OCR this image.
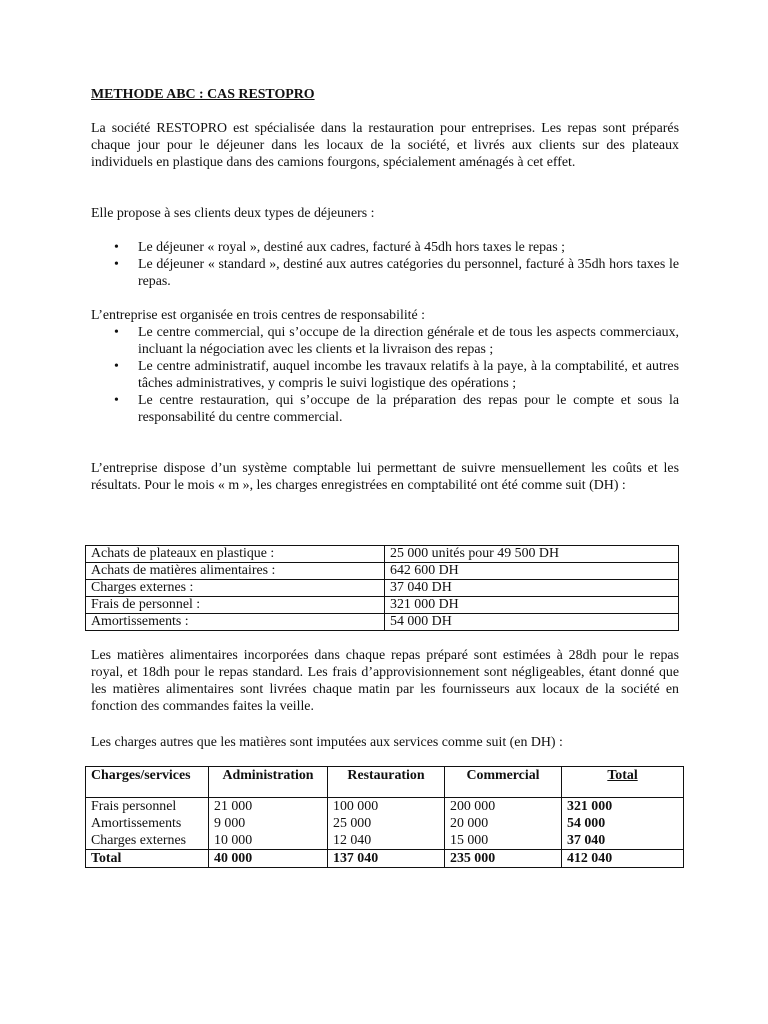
METHODE ABC : CAS RESTOPRO
La société RESTOPRO est spécialisée dans la restauration pour entreprises. Les repas sont préparés chaque jour pour le déjeuner dans les locaux de la société, et livrés aux clients sur des plateaux individuels en plastique dans des camions fourgons, spécialement aménagés à cet effet.
Elle propose à ses clients deux types de déjeuners :
• Le déjeuner « royal », destiné aux cadres, facturé à 45dh hors taxes le repas ;
• Le déjeuner « standard », destiné aux autres catégories du personnel, facturé à 35dh hors taxes le repas.
L’entreprise est organisée en trois centres de responsabilité :
• Le centre commercial, qui s’occupe de la direction générale et de tous les aspects commerciaux, incluant la négociation avec les clients et la livraison des repas ;
• Le centre administratif, auquel incombe les travaux relatifs à la paye, à la comptabilité, et autres tâches administratives, y compris le suivi logistique des opérations ;
• Le centre restauration, qui s’occupe de la préparation des repas pour le compte et sous la responsabilité du centre commercial.
L’entreprise dispose d’un système comptable lui permettant de suivre mensuellement les coûts et les résultats. Pour le mois « m », les charges enregistrées en comptabilité ont été comme suit (DH) :
Achats de plateaux en plastique :	25 000 unités pour 49 500 DH
Achats de matières alimentaires :	642 600 DH
Charges externes :	37 040 DH
Frais de personnel :	321 000 DH
Amortissements :	54 000 DH
Les matières alimentaires incorporées dans chaque repas préparé sont estimées à 28dh pour le repas royal, et 18dh pour le repas standard. Les frais d’approvisionnement sont négligeables, étant donné que les matières alimentaires sont livrées chaque matin par les fournisseurs aux locaux de la société en fonction des commandes faites la veille.
Les charges autres que les matières sont imputées aux services comme suit (en DH) :
Charges/services	Administration	Restauration	Commercial	Total
Frais personnel	21 000	100 000	200 000	321 000
Amortissements	9 000	25 000	20 000	54 000
Charges externes	10 000	12 040	15 000	37 040
Total	40 000	137 040	235 000	412 040
